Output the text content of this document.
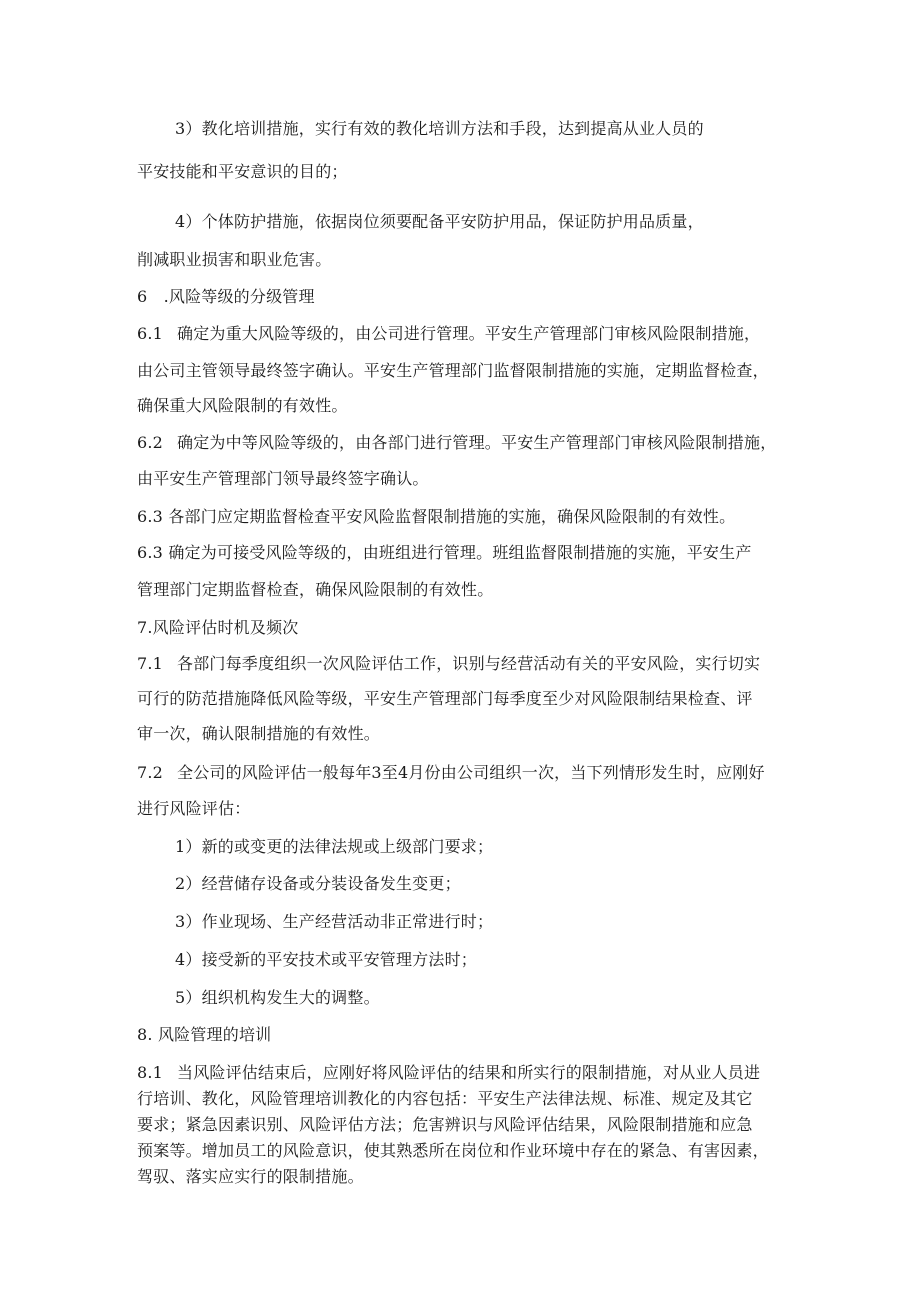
3）教化培训措施，实行有效的教化培训方法和手段，达到提高从业人员的
平安技能和平安意识的目的；
4）个体防护措施，依据岗位须要配备平安防护用品，保证防护用品质量，
削减职业损害和职业危害。
6　.风险等级的分级管理
6.1 确定为重大风险等级的，由公司进行管理。平安生产管理部门审核风险限制措施，
由公司主管领导最终签字确认。平安生产管理部门监督限制措施的实施，定期监督检查，
确保重大风险限制的有效性。
6.2 确定为中等风险等级的，由各部门进行管理。平安生产管理部门审核风险限制措施，
由平安生产管理部门领导最终签字确认。
6.3 各部门应定期监督检查平安风险监督限制措施的实施，确保风险限制的有效性。
6.3 确定为可接受风险等级的，由班组进行管理。班组监督限制措施的实施，平安生产
管理部门定期监督检查，确保风险限制的有效性。
7.风险评估时机及频次
7.1 各部门每季度组织一次风险评估工作，识别与经营活动有关的平安风险，实行切实
可行的防范措施降低风险等级，平安生产管理部门每季度至少对风险限制结果检查、评
审一次，确认限制措施的有效性。
7.2 全公司的风险评估一般每年3至4月份由公司组织一次，当下列情形发生时，应刚好
进行风险评估：
1）新的或变更的法律法规或上级部门要求；
2）经营储存设备或分装设备发生变更；
3）作业现场、生产经营活动非正常进行时；
4）接受新的平安技术或平安管理方法时；
5）组织机构发生大的调整。
8. 风险管理的培训
8.1 当风险评估结束后，应刚好将风险评估的结果和所实行的限制措施，对从业人员进
行培训、教化，风险管理培训教化的内容包括：平安生产法律法规、标准、规定及其它
要求；紧急因素识别、风险评估方法；危害辨识与风险评估结果，风险限制措施和应急
预案等。增加员工的风险意识，使其熟悉所在岗位和作业环境中存在的紧急、有害因素，
驾驭、落实应实行的限制措施。
